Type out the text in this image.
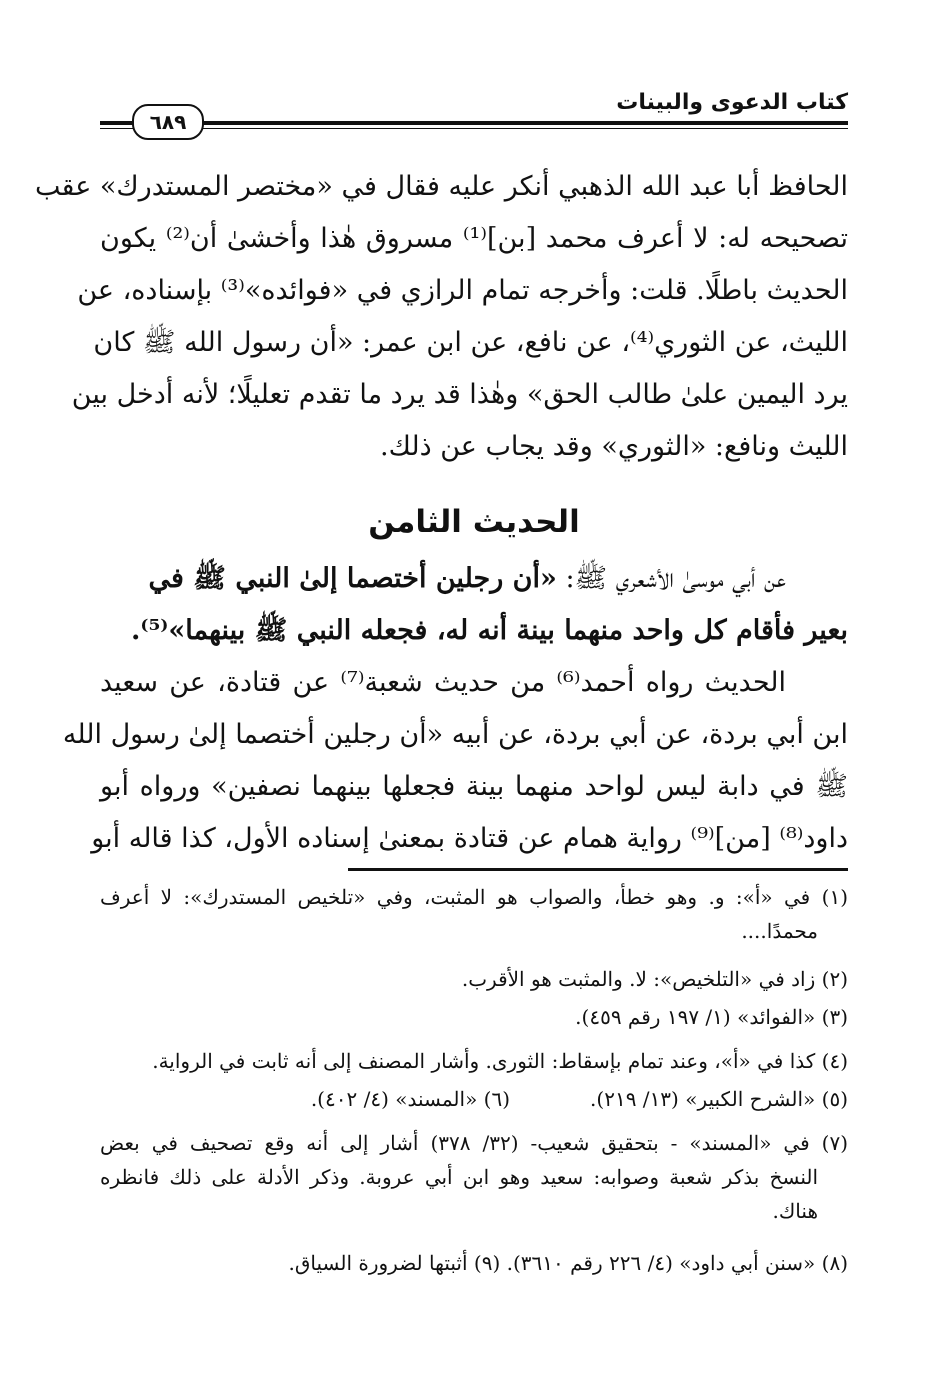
كتاب الدعوى والبينات
٦٨٩
الحافظ أبا عبد الله الذهبي أنكر عليه فقال في «مختصر المستدرك» عقب
تصحيحه له: لا أعرف محمد [بن]⁽¹⁾ مسروق هٰذا وأخشىٰ أن⁽²⁾ يكون
الحديث باطلًا. قلت: وأخرجه تمام الرازي في «فوائده»⁽³⁾ بإسناده، عن
الليث، عن الثوري⁽⁴⁾، عن نافع، عن ابن عمر: «أن رسول الله ﷺ كان
يرد اليمين علىٰ طالب الحق» وهٰذا قد يرد ما تقدم تعليلًا؛ لأنه أدخل بين
الليث ونافع: «الثوري» وقد يجاب عن ذلك.
الحديث الثامن
عن أبي موسىٰ الأشعري ﷺ: «أن رجلين أختصما إلىٰ النبي ﷺ في
بعير فأقام كل واحد منهما بينة أنه له، فجعله النبي ﷺ بينهما»⁽⁵⁾.
الحديث رواه أحمد⁽⁶⁾ من حديث شعبة⁽⁷⁾ عن قتادة، عن سعيد
ابن أبي بردة، عن أبي بردة، عن أبيه «أن رجلين أختصما إلىٰ رسول الله
ﷺ في دابة ليس لواحد منهما بينة فجعلها بينهما نصفين» ورواه أبو
داود⁽⁸⁾ [من]⁽⁹⁾ رواية همام عن قتادة بمعنىٰ إسناده الأول، كذا قاله أبو
(١) في «أ»: و. وهو خطأ، والصواب هو المثبت، وفي «تلخيص المستدرك»: لا أعرف
محمدًا....
(٢) زاد في «التلخيص»: لا. والمثبت هو الأقرب.
(٣) «الفوائد» (١/ ١٩٧ رقم ٤٥٩).
(٤) كذا في «أ»، وعند تمام بإسقاط: الثورى. وأشار المصنف إلى أنه ثابت في الرواية.
(٥) «الشرح الكبير» (١٣/ ٢١٩).
(٦) «المسند» (٤/ ٤٠٢).
(٧) في «المسند» - بتحقيق شعيب- (٣٢/ ٣٧٨) أشار إلى أنه وقع تصحيف في بعض
النسخ بذكر شعبة وصوابه: سعيد وهو ابن أبي عروبة. وذكر الأدلة على ذلك فانظره
هناك.
(٨) «سنن أبي داود» (٤/ ٢٢٦ رقم ٣٦١٠). (٩) أثبتها لضرورة السياق.
